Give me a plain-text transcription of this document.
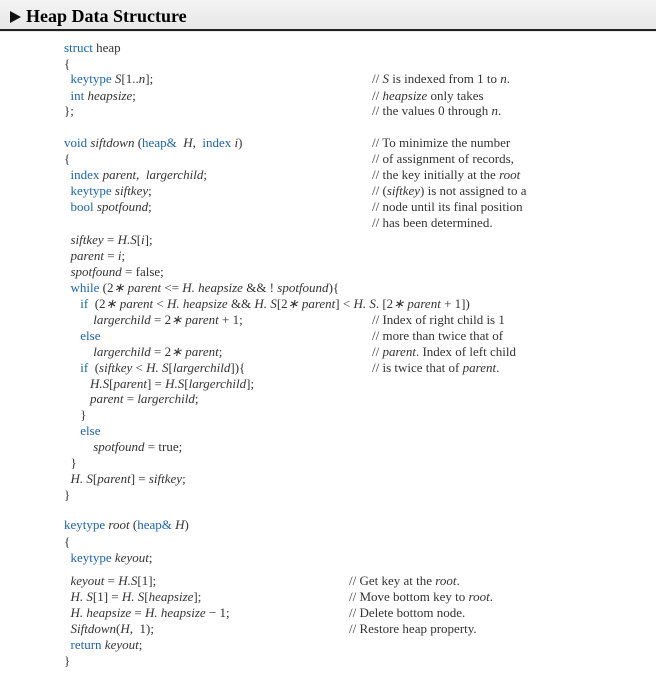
Heap Data Structure
struct heap
{
keytype S[1..n];
int heapsize;
};
void siftdown (heap& H,  index i)
{
index parent,  largerchild;
keytype siftkey;
bool spotfound;
siftkey = H.S[i];
parent = i;
spotfound = false;
while (2∗ parent <= H. heapsize && ! spotfound){
if  (2∗ parent < H. heapsize && H. S[2∗ parent] < H. S. [2∗ parent + 1])
largerchild = 2∗ parent + 1;
else
largerchild = 2∗ parent;
if  (siftkey < H. S[largerchild]){
H.S[parent] = H.S[largerchild];
parent = largerchild;
}
else
spotfound = true;
}
H. S[parent] = siftkey;
}
keytype root (heap& H)
{
keytype keyout;
keyout = H.S[1];
H. S[1] = H. S[heapsize];
H. heapsize = H. heapsize − 1;
Siftdown(H,  1);
return keyout;
}
// S is indexed from 1 to n.
// heapsize only takes
// the values 0 through n.
// To minimize the number
// of assignment of records,
// the key initially at the root
// (siftkey) is not assigned to a
// node until its final position
// has been determined.
// Index of right child is 1
// more than twice that of
// parent. Index of left child
// is twice that of parent.
// Get key at the root.
// Move bottom key to root.
// Delete bottom node.
// Restore heap property.
